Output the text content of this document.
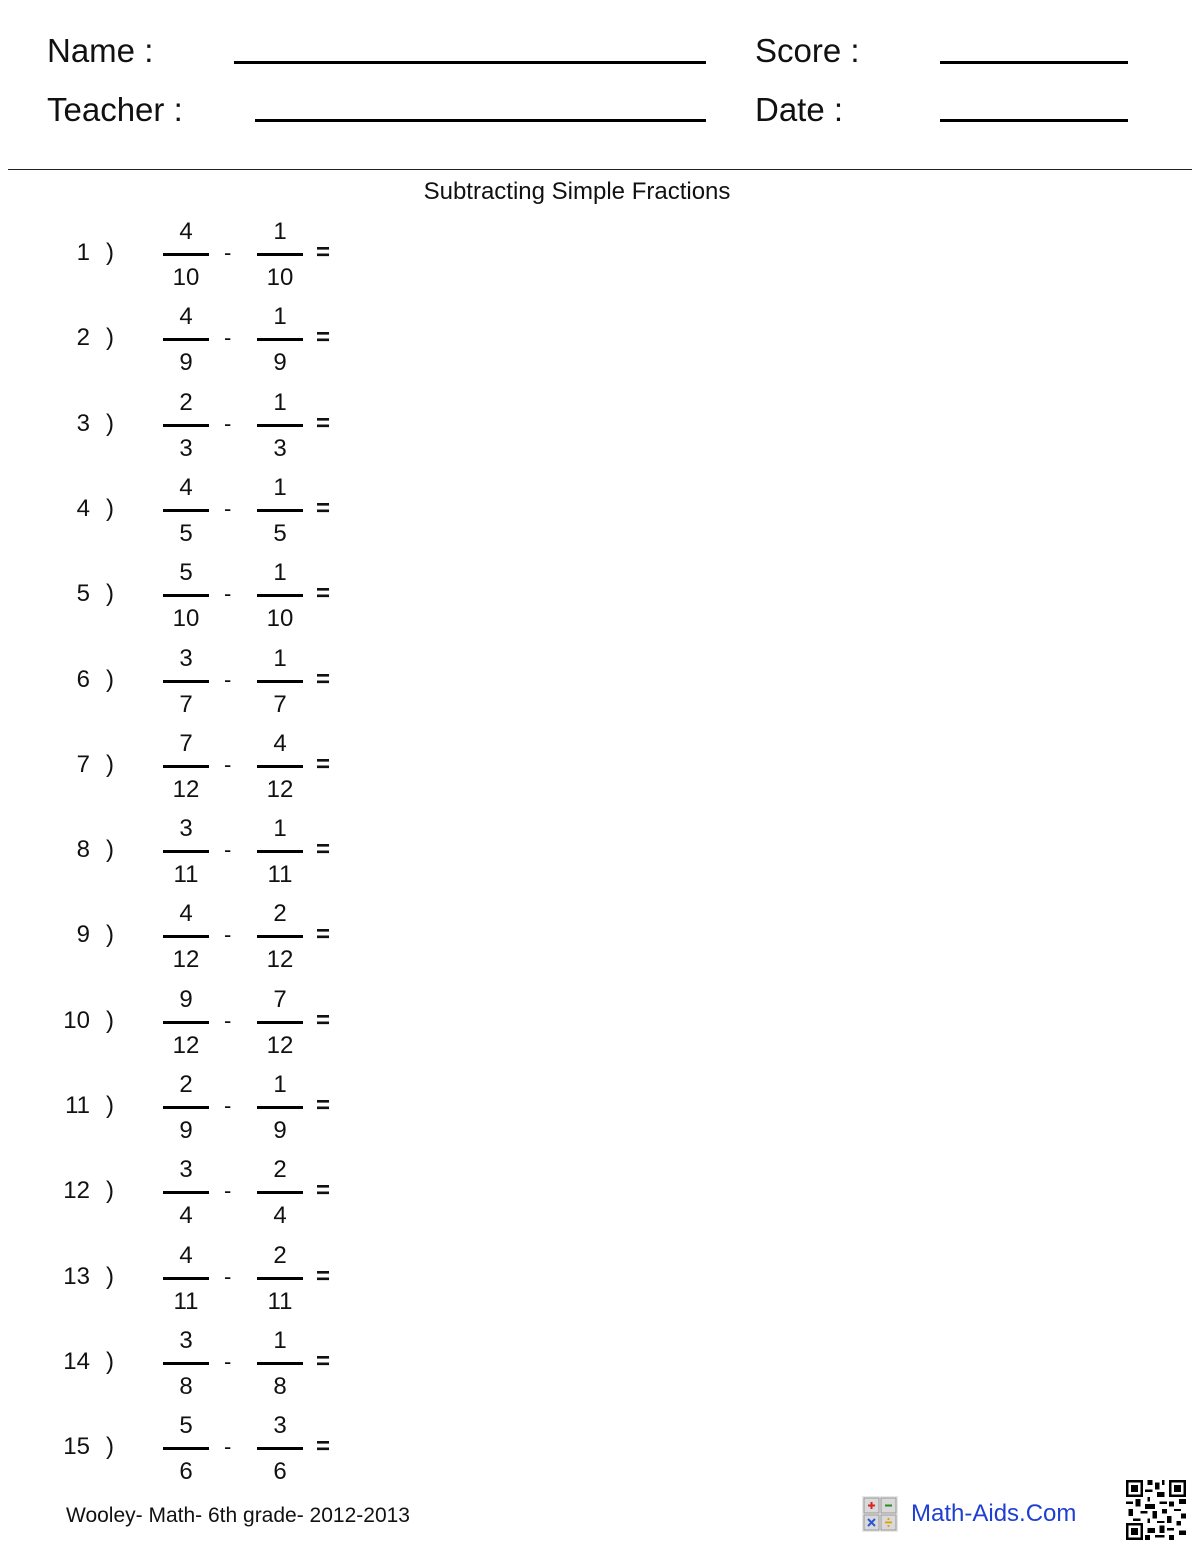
Name :	Score :
Teacher :	Date :
Subtracting Simple Fractions
1 )
4
10
-
1
10
=
2 )
4
9
-
1
9
=
3 )
2
3
-
1
3
=
4 )
4
5
-
1
5
=
5 )
5
10
-
1
10
=
6 )
3
7
-
1
7
=
7 )
7
12
-
4
12
=
8 )
3
11
-
1
11
=
9 )
4
12
-
2
12
=
10 )
9
12
-
7
12
=
11 )
2
9
-
1
9
=
12 )
3
4
-
2
4
=
13 )
4
11
-
2
11
=
14 )
3
8
-
1
8
=
15 )
5
6
-
3
6
=
Wooley- Math- 6th grade- 2012-2013	Math-Aids.Com
